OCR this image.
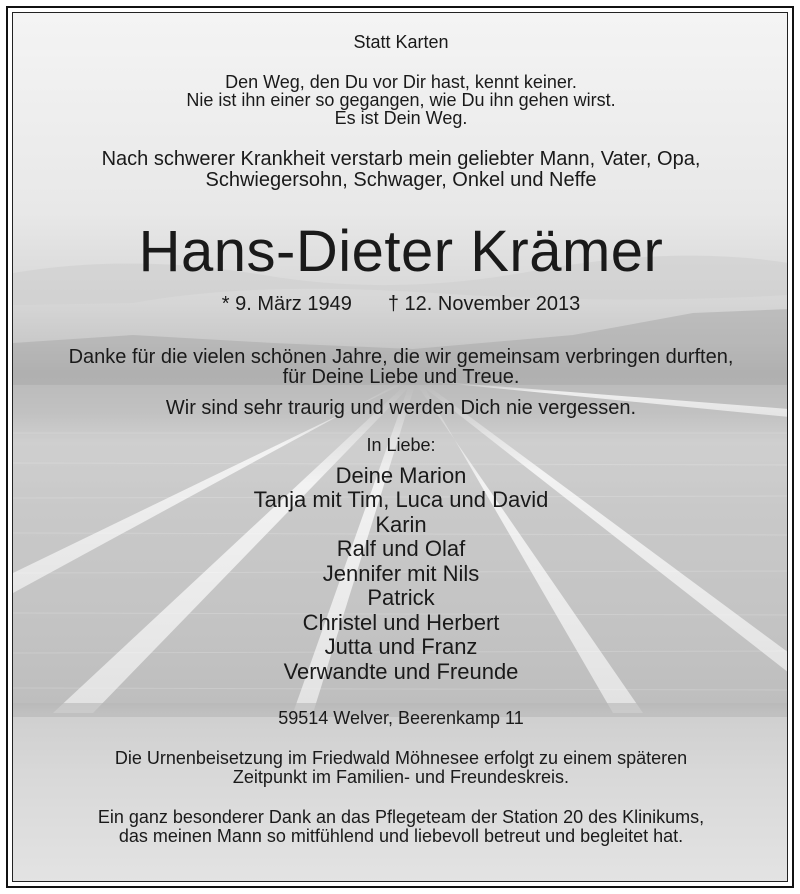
Statt Karten
Den Weg, den Du vor Dir hast, kennt keiner.
Nie ist ihn einer so gegangen, wie Du ihn gehen wirst.
Es ist Dein Weg.
Nach schwerer Krankheit verstarb mein geliebter Mann, Vater, Opa,
Schwiegersohn, Schwager, Onkel und Neffe
Hans-Dieter Krämer
* 9. März 1949 † 12. November 2013
Danke für die vielen schönen Jahre, die wir gemeinsam verbringen durften,
für Deine Liebe und Treue.
Wir sind sehr traurig und werden Dich nie vergessen.
In Liebe:
Deine Marion
Tanja mit Tim, Luca und David
Karin
Ralf und Olaf
Jennifer mit Nils
Patrick
Christel und Herbert
Jutta und Franz
Verwandte und Freunde
59514 Welver, Beerenkamp 11
Die Urnenbeisetzung im Friedwald Möhnesee erfolgt zu einem späteren
Zeitpunkt im Familien- und Freundeskreis.
Ein ganz besonderer Dank an das Pflegeteam der Station 20 des Klinikums,
das meinen Mann so mitfühlend und liebevoll betreut und begleitet hat.
